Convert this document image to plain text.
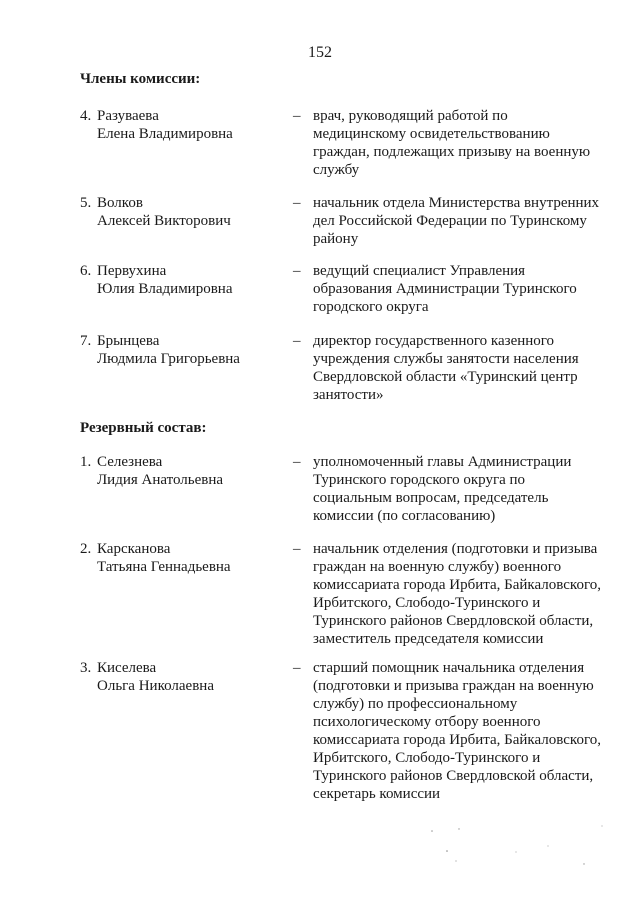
152
Члены комиссии:
4. Разуваева
Елена Владимировна
– врач, руководящий работой по
медицинскому освидетельствованию
граждан, подлежащих призыву на военную
службу
5. Волков
Алексей Викторович
– начальник отдела Министерства внутренних
дел Российской Федерации по Туринскому
району
6. Первухина
Юлия Владимировна
– ведущий специалист Управления
образования Администрации Туринского
городского округа
7. Брынцева
Людмила Григорьевна
– директор государственного казенного
учреждения службы занятости населения
Свердловской области «Туринский центр
занятости»
Резервный состав:
1. Селезнева
Лидия Анатольевна
– уполномоченный главы Администрации
Туринского городского округа по
социальным вопросам, председатель
комиссии (по согласованию)
2. Карсканова
Татьяна Геннадьевна
– начальник отделения (подготовки и призыва
граждан на военную службу) военного
комиссариата города Ирбита, Байкаловского,
Ирбитского, Слободо-Туринского и
Туринского районов Свердловской области,
заместитель председателя комиссии
3. Киселева
Ольга Николаевна
– старший помощник начальника отделения
(подготовки и призыва граждан на военную
службу) по профессиональному
психологическому отбору военного
комиссариата города Ирбита, Байкаловского,
Ирбитского, Слободо-Туринского и
Туринского районов Свердловской области,
секретарь комиссии
